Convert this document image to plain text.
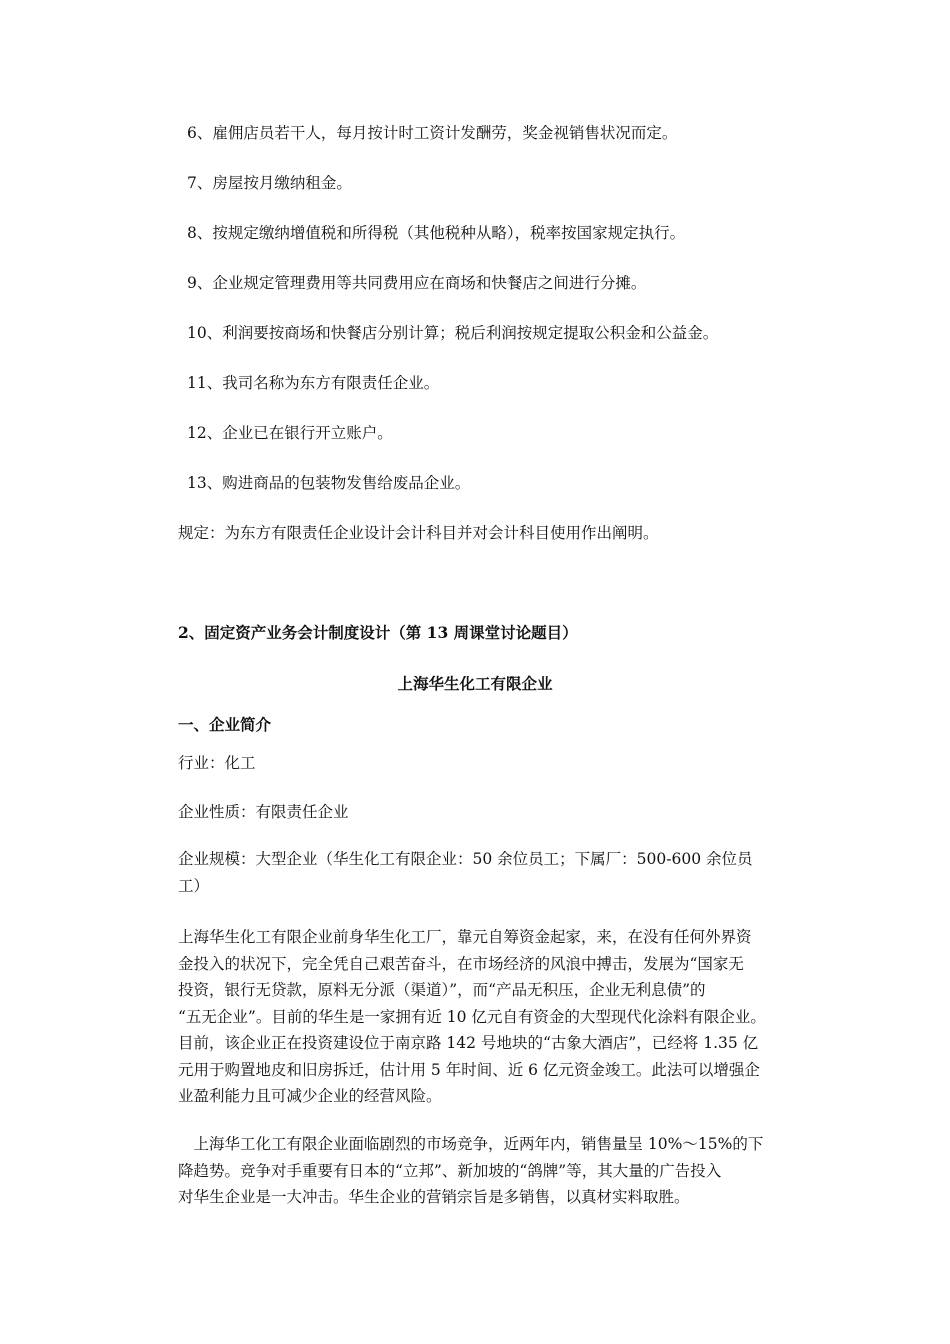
6、雇佣店员若干人，每月按计时工资计发酬劳，奖金视销售状况而定。
7、房屋按月缴纳租金。
8、按规定缴纳增值税和所得税（其他税种从略），税率按国家规定执行。
9、企业规定管理费用等共同费用应在商场和快餐店之间进行分摊。
10、利润要按商场和快餐店分别计算；税后利润按规定提取公积金和公益金。
11、我司名称为东方有限责任企业。
12、企业已在银行开立账户。
13、购进商品的包装物发售给废品企业。
规定：为东方有限责任企业设计会计科目并对会计科目使用作出阐明。
2、固定资产业务会计制度设计（第 13 周课堂讨论题目）
上海华生化工有限企业
一、企业简介
行业：化工
企业性质：有限责任企业
企业规模：大型企业（华生化工有限企业：50 余位员工；下属厂：500-600 余位员
工）
上海华生化工有限企业前身华生化工厂，靠元自筹资金起家，来，在没有任何外界资
金投入的状况下，完全凭自己艰苦奋斗，在市场经济的风浪中搏击，发展为“国家无
投资，银行无贷款，原料无分派（渠道）”，而“产品无积压，企业无利息债”的
“五无企业”。目前的华生是一家拥有近 10 亿元自有资金的大型现代化涂料有限企业。
目前，该企业正在投资建设位于南京路 142 号地块的“古象大酒店”，已经将 1.35 亿
元用于购置地皮和旧房拆迁，估计用 5 年时间、近 6 亿元资金竣工。此法可以增强企
业盈利能力且可减少企业的经营风险。
　上海华工化工有限企业面临剧烈的市场竞争，近两年内，销售量呈 10%～15%的下
降趋势。竞争对手重要有日本的“立邦”、新加坡的“鸽牌”等，其大量的广告投入
对华生企业是一大冲击。华生企业的营销宗旨是多销售，以真材实料取胜。
